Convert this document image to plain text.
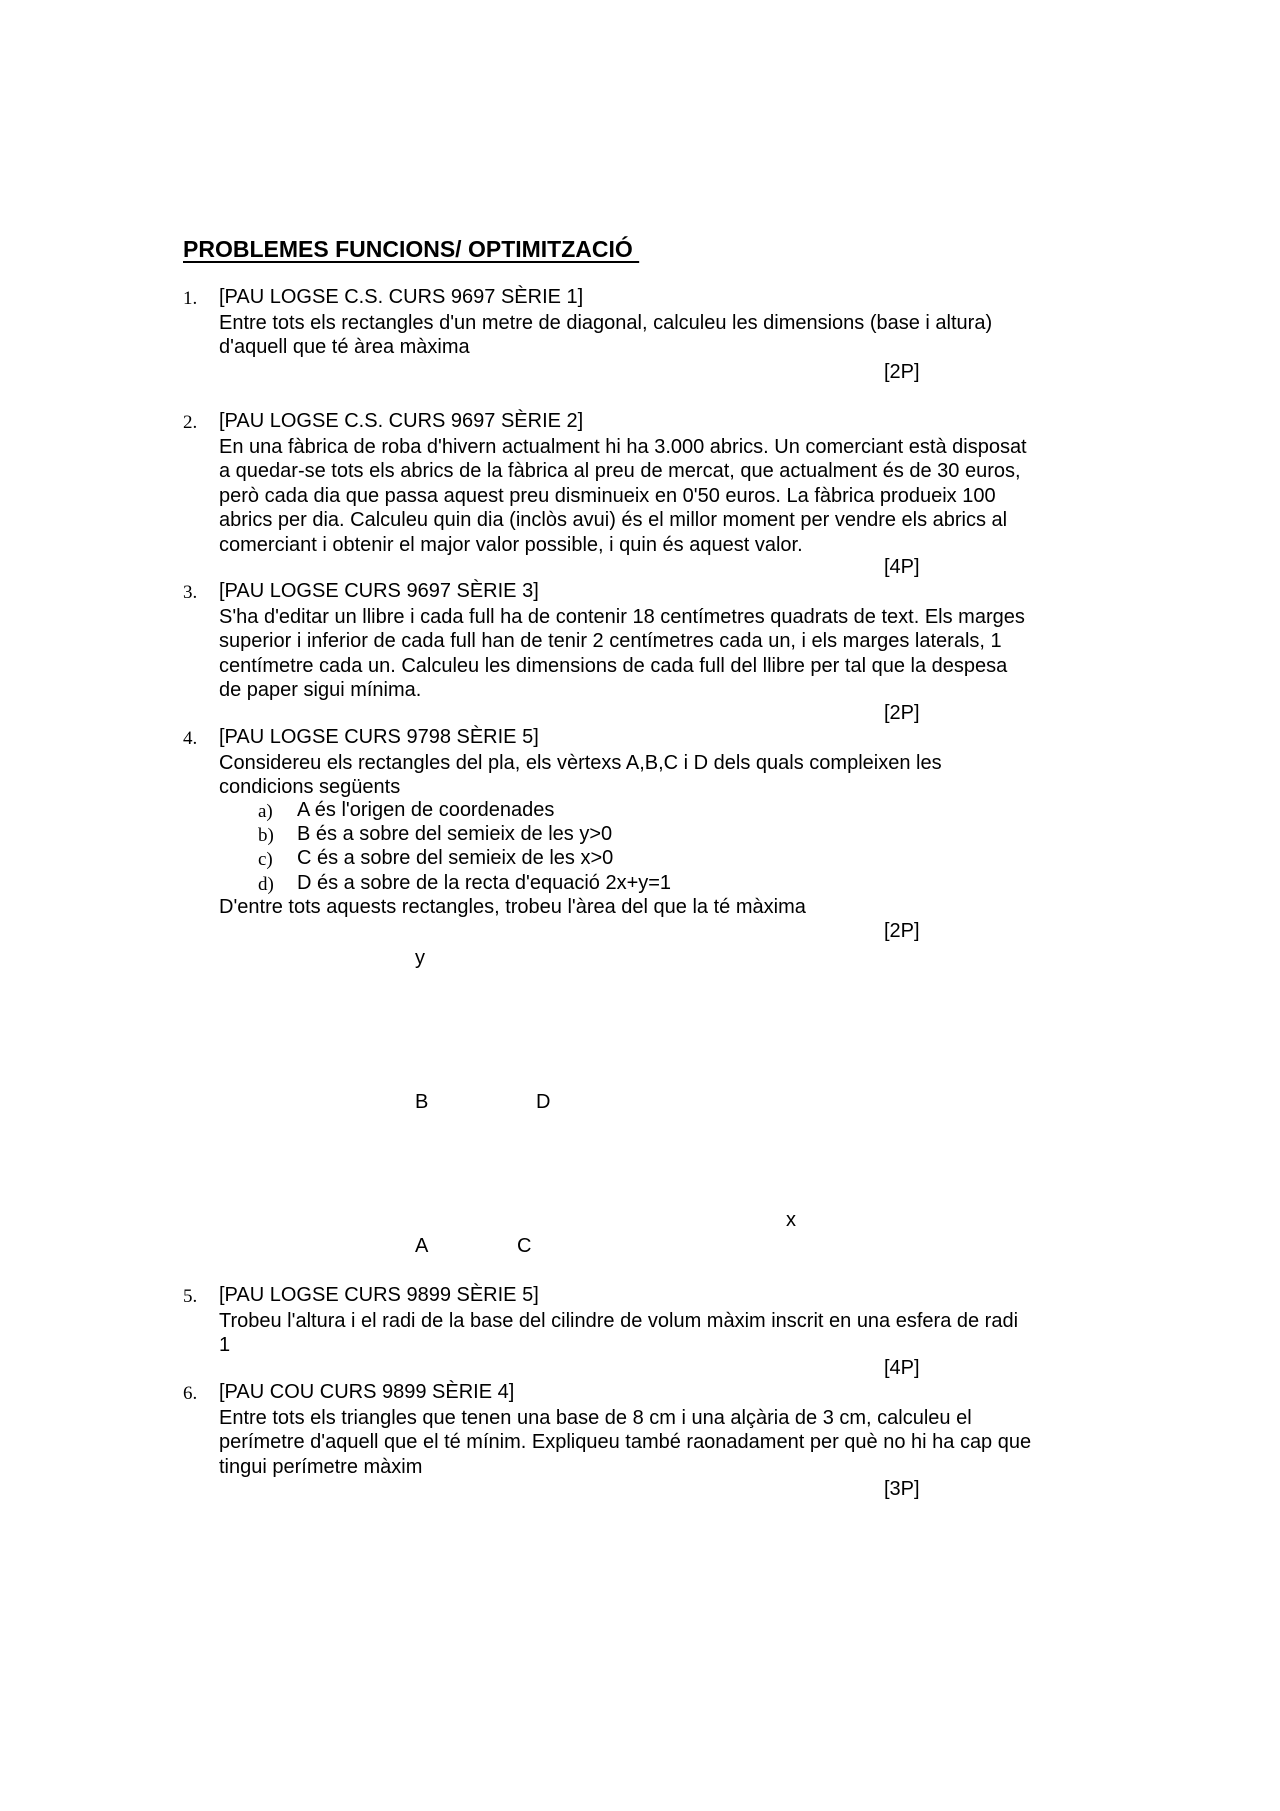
PROBLEMES FUNCIONS/ OPTIMITZACIÓ
1. [PAU LOGSE C.S. CURS 9697 SÈRIE 1]
Entre tots els rectangles d'un metre de diagonal, calculeu les dimensions (base i altura)
d'aquell que té àrea màxima
[2P]
2. [PAU LOGSE C.S. CURS 9697 SÈRIE 2]
En una fàbrica de roba d'hivern actualment hi ha 3.000 abrics. Un comerciant està disposat
a quedar-se tots els abrics de la fàbrica al preu de mercat, que actualment és de 30 euros,
però cada dia que passa aquest preu disminueix en 0'50 euros. La fàbrica produeix 100
abrics per dia. Calculeu quin dia (inclòs avui) és el millor moment per vendre els abrics al
comerciant i obtenir el major valor possible, i quin és aquest valor.
[4P]
3. [PAU LOGSE CURS 9697 SÈRIE 3]
S'ha d'editar un llibre i cada full ha de contenir 18 centímetres quadrats de text. Els marges
superior i inferior de cada full han de tenir 2 centímetres cada un, i els marges laterals, 1
centímetre cada un. Calculeu les dimensions de cada full del llibre per tal que la despesa
de paper sigui mínima.
[2P]
4. [PAU LOGSE CURS 9798 SÈRIE 5]
Considereu els rectangles del pla, els vèrtexs A,B,C i D dels quals compleixen les
condicions següents
a) A és l'origen de coordenades
b) B és a sobre del semieix de les y>0
c) C és a sobre del semieix de les x>0
d) D és a sobre de la recta d'equació 2x+y=1
D'entre tots aquests rectangles, trobeu l'àrea del que la té màxima
[2P]
y
B	D
x
A	C
5. [PAU LOGSE CURS 9899 SÈRIE 5]
Trobeu l'altura i el radi de la base del cilindre de volum màxim inscrit en una esfera de radi
1
[4P]
6. [PAU COU CURS 9899 SÈRIE 4]
Entre tots els triangles que tenen una base de 8 cm i una alçària de 3 cm, calculeu el
perímetre d'aquell que el té mínim. Expliqueu també raonadament per què no hi ha cap que
tingui perímetre màxim
[3P]
